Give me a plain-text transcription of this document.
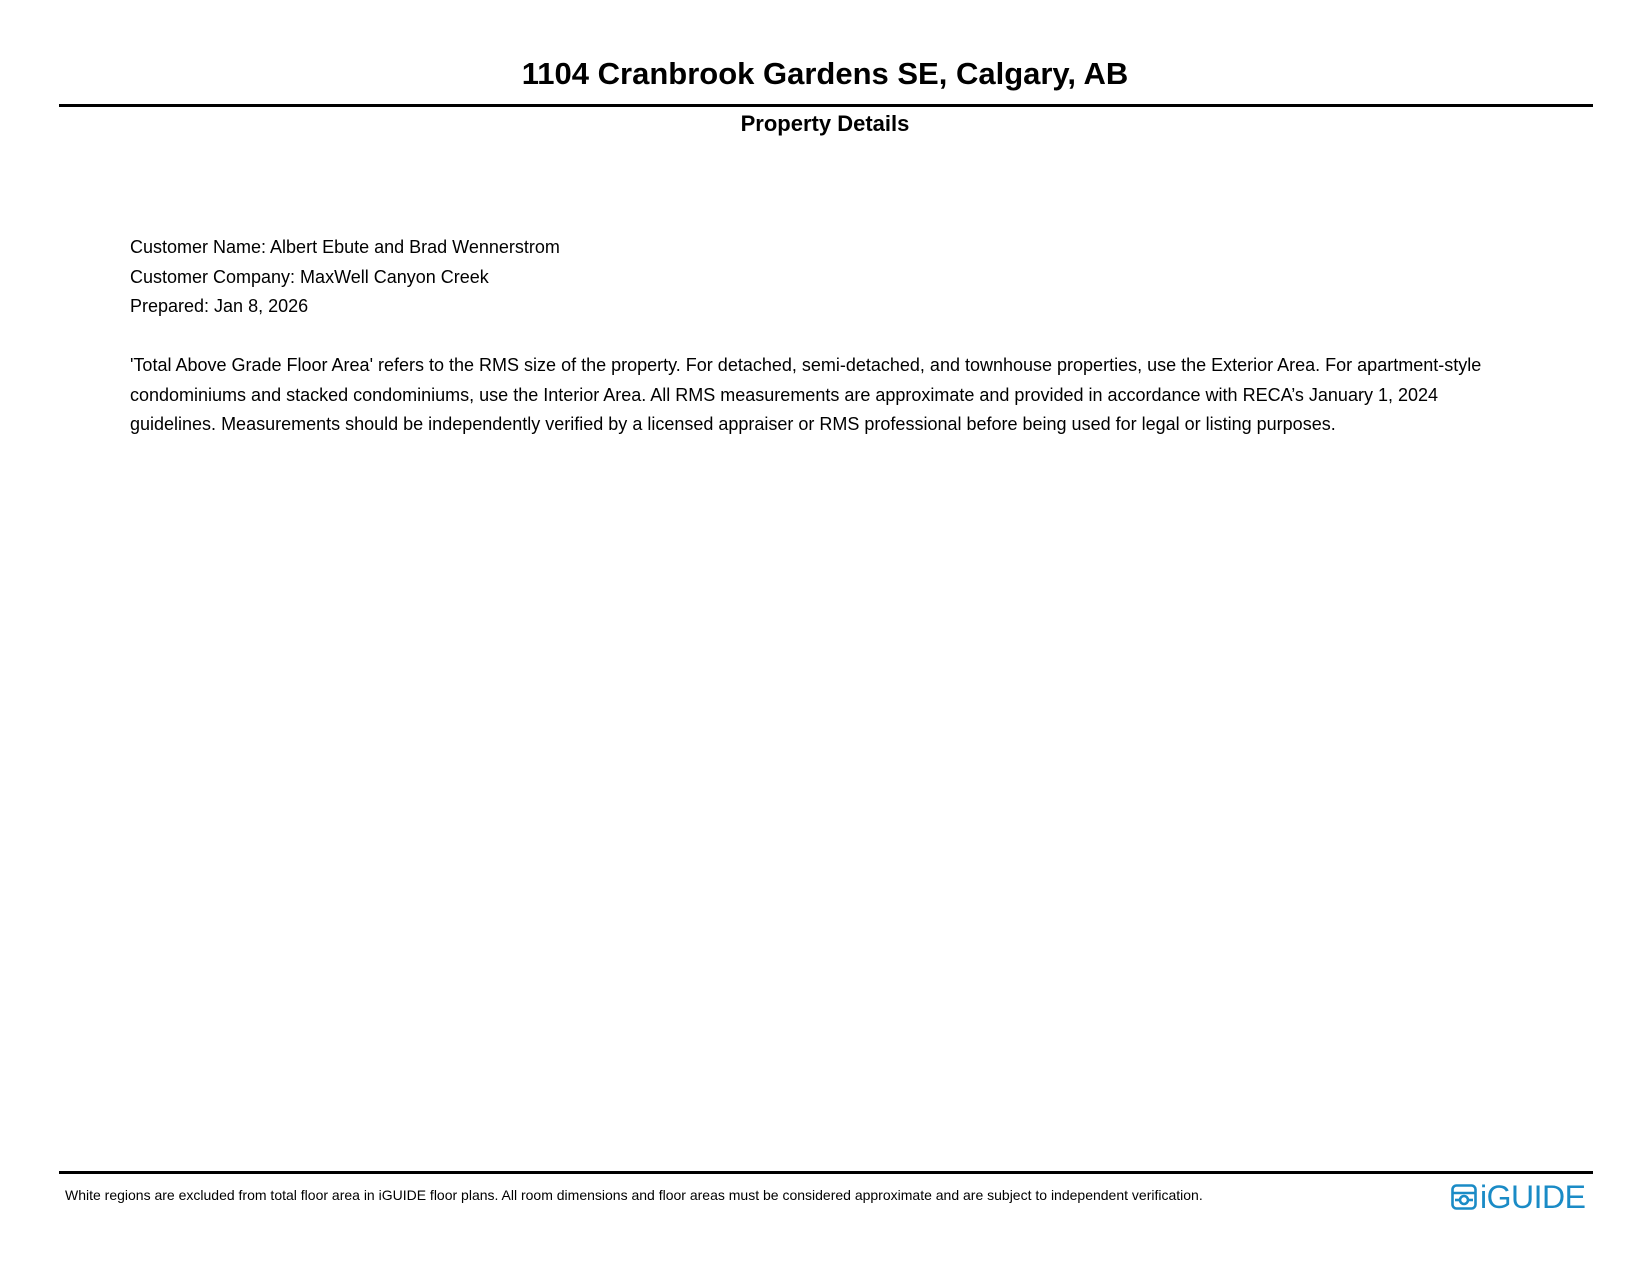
1104 Cranbrook Gardens SE, Calgary, AB
Property Details
Customer Name: Albert Ebute and Brad Wennerstrom
Customer Company: MaxWell Canyon Creek
Prepared: Jan 8, 2026

'Total Above Grade Floor Area' refers to the RMS size of the property. For detached, semi-detached, and townhouse properties, use the Exterior Area. For apartment-style condominiums and stacked condominiums, use the Interior Area. All RMS measurements are approximate and provided in accordance with RECA’s January 1, 2024 guidelines. Measurements should be independently verified by a licensed appraiser or RMS professional before being used for legal or listing purposes.

White regions are excluded from total floor area in iGUIDE floor plans. All room dimensions and floor areas must be considered approximate and are subject to independent verification.	iGUIDE
